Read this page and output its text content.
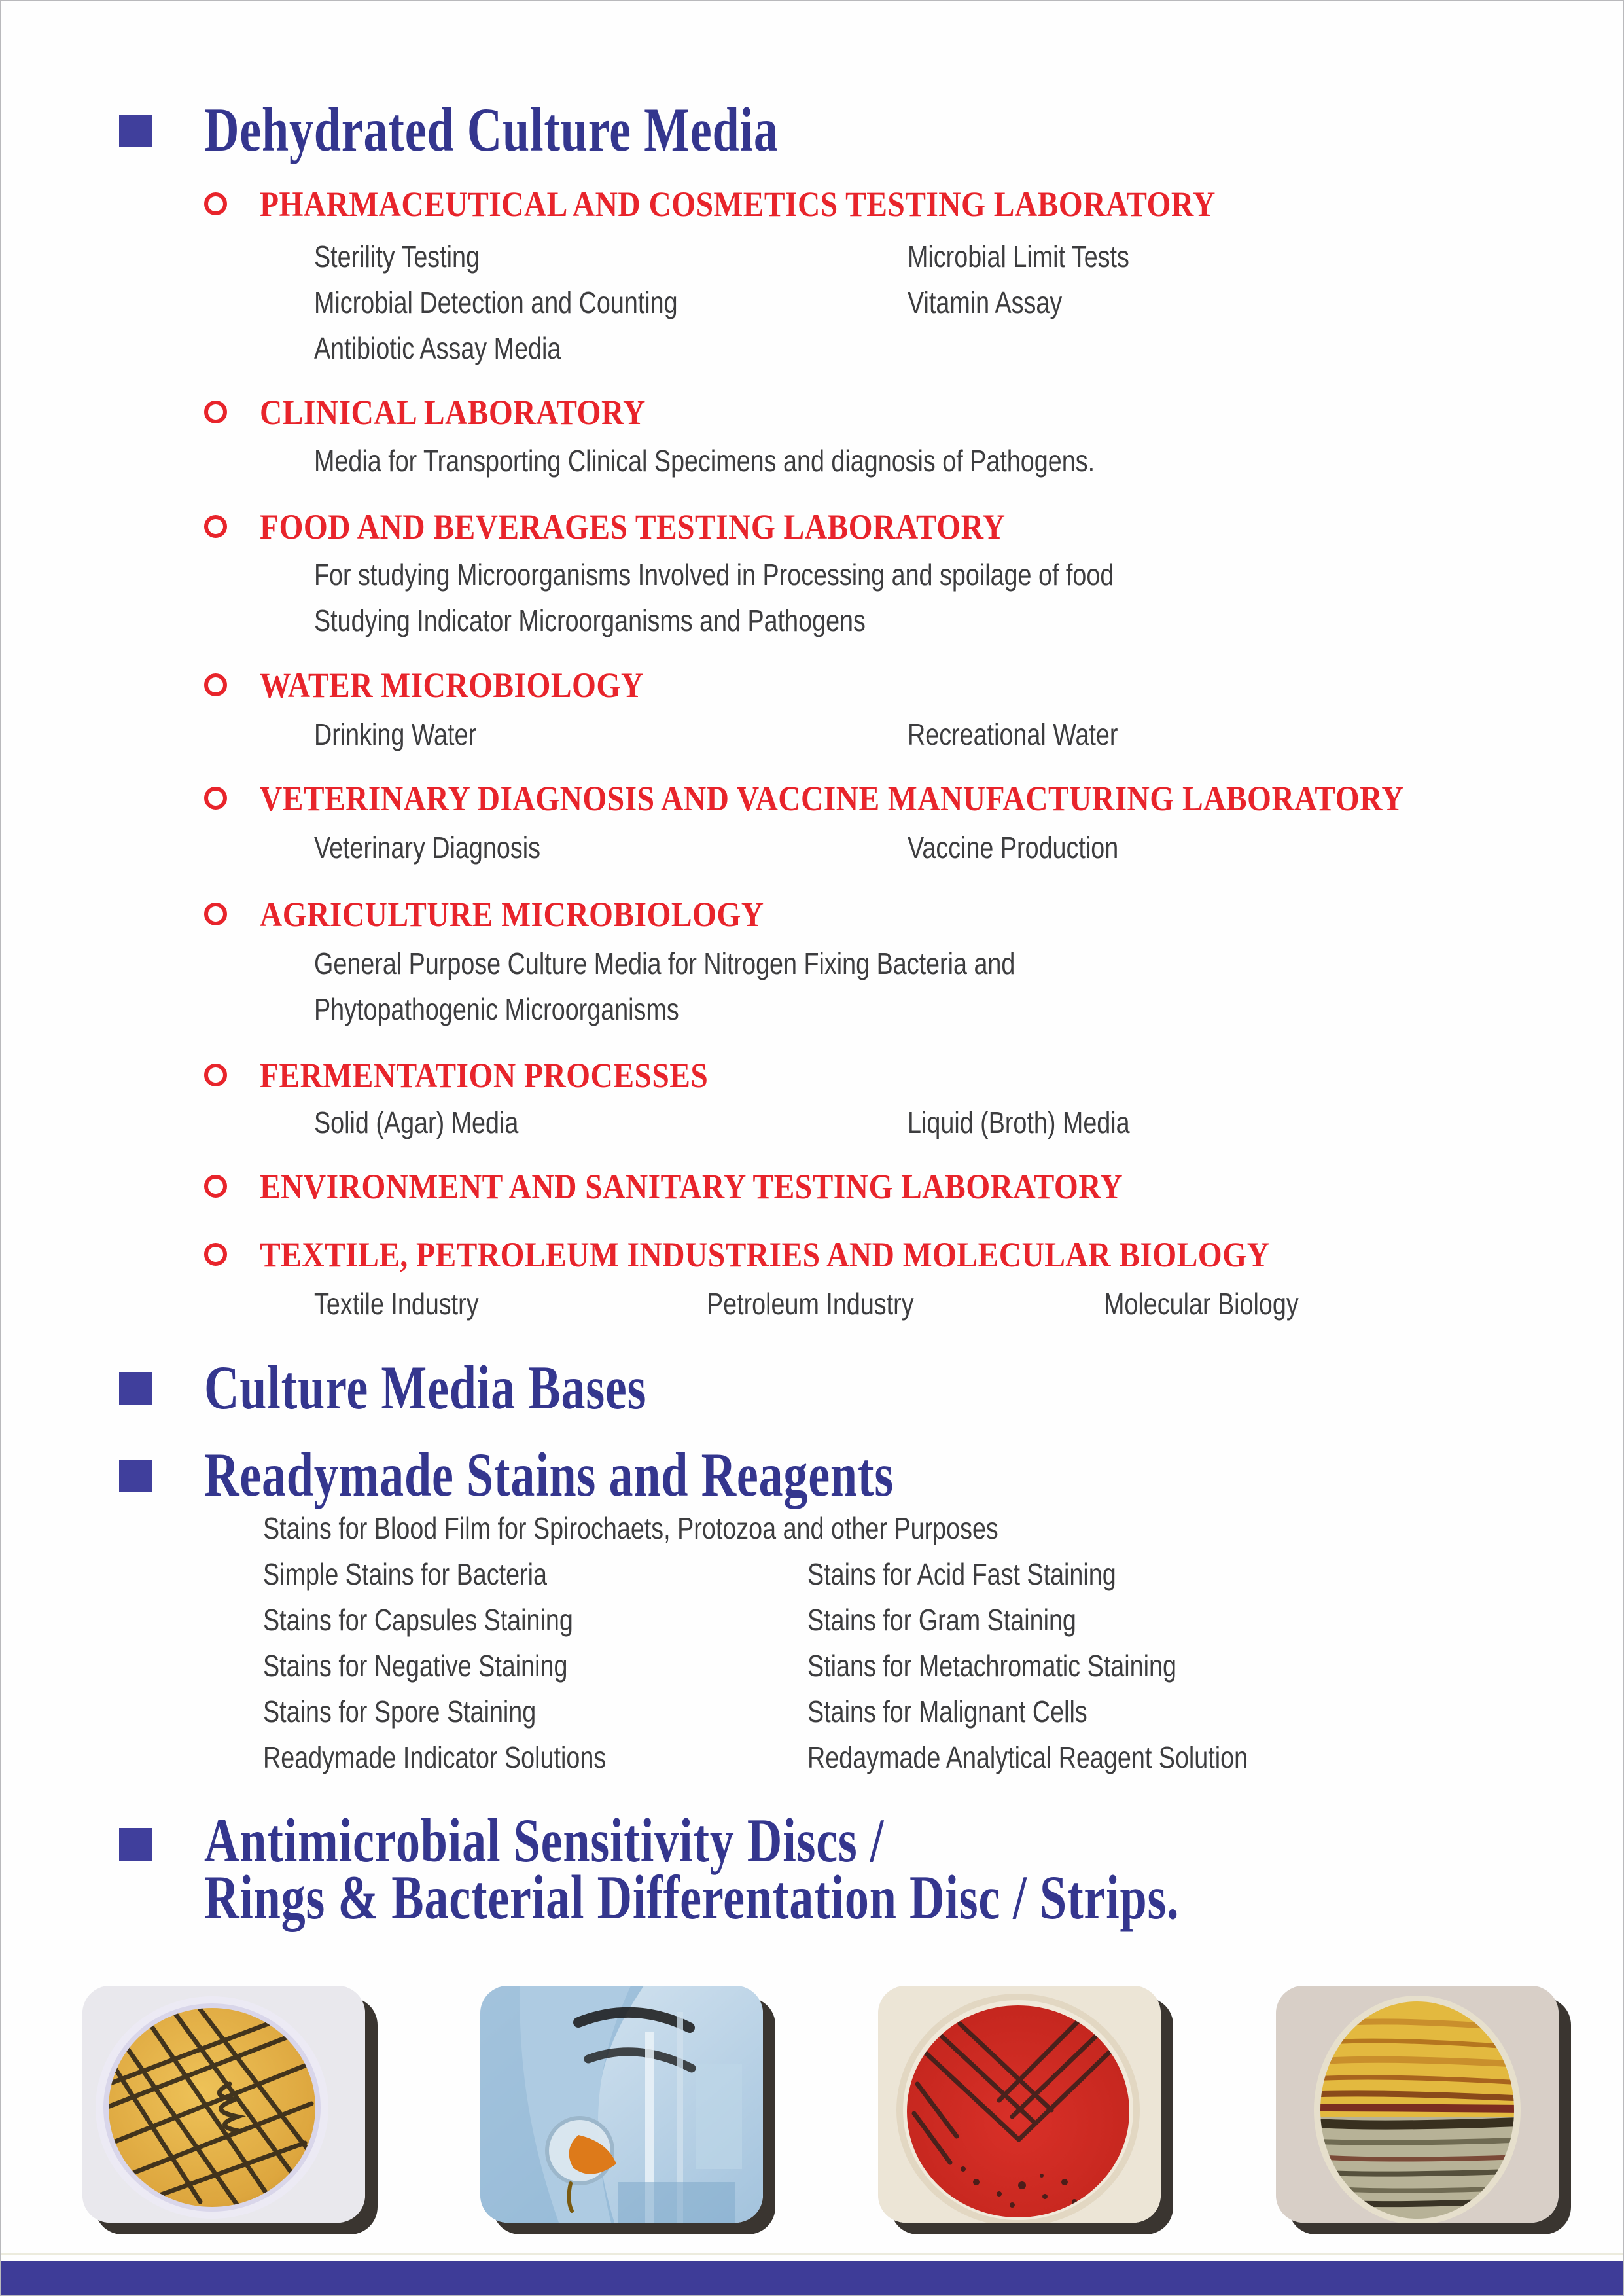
Dehydrated Culture Media
PHARMACEUTICAL AND COSMETICS TESTING LABORATORY
Sterility Testing	Microbial Limit Tests
Microbial Detection and Counting	Vitamin Assay
Antibiotic Assay Media
CLINICAL LABORATORY
Media for Transporting Clinical Specimens and diagnosis of Pathogens.
FOOD AND BEVERAGES TESTING LABORATORY
For studying Microorganisms Involved in Processing and spoilage of food
Studying Indicator Microorganisms and Pathogens
WATER MICROBIOLOGY
Drinking Water	Recreational Water
VETERINARY DIAGNOSIS AND VACCINE MANUFACTURING LABORATORY
Veterinary Diagnosis	Vaccine Production
AGRICULTURE MICROBIOLOGY
General Purpose Culture Media for Nitrogen Fixing Bacteria and
Phytopathogenic Microorganisms
FERMENTATION PROCESSES
Solid (Agar) Media	Liquid (Broth) Media
ENVIRONMENT AND SANITARY TESTING LABORATORY
TEXTILE, PETROLEUM INDUSTRIES AND MOLECULAR BIOLOGY
Textile Industry	Petroleum Industry	Molecular Biology
Culture Media Bases
Readymade Stains and Reagents
Stains for Blood Film for Spirochaets, Protozoa and other Purposes
Simple Stains for Bacteria	Stains for Acid Fast Staining
Stains for Capsules Staining	Stains for Gram Staining
Stains for Negative Staining	Stians for Metachromatic Staining
Stains for Spore Staining	Stains for Malignant Cells
Readymade Indicator Solutions	Redaymade Analytical Reagent Solution
Antimicrobial Sensitivity Discs /
Rings & Bacterial Differentation Disc / Strips.
